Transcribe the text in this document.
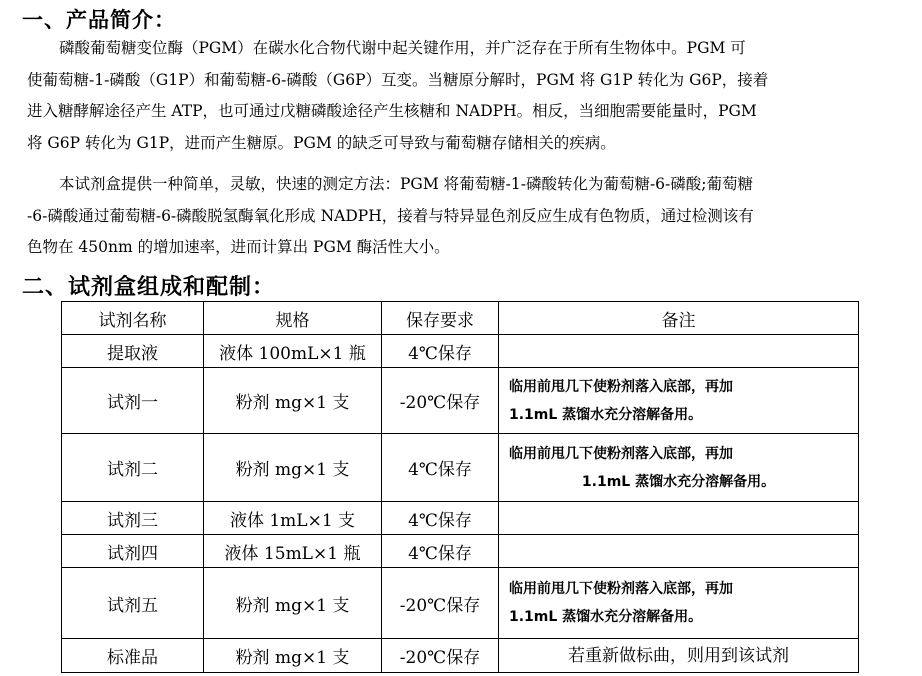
一、产品简介：
磷酸葡萄糖变位酶（PGM）在碳水化合物代谢中起关键作用，并广泛存在于所有生物体中。PGM 可
使葡萄糖-1-磷酸（G1P）和葡萄糖-6-磷酸（G6P）互变。当糖原分解时，PGM 将 G1P 转化为 G6P，接着
进入糖酵解途径产生 ATP，也可通过戊糖磷酸途径产生核糖和 NADPH。相反，当细胞需要能量时，PGM
将 G6P 转化为 G1P，进而产生糖原。PGM 的缺乏可导致与葡萄糖存储相关的疾病。
本试剂盒提供一种简单，灵敏，快速的测定方法：PGM 将葡萄糖-1-磷酸转化为葡萄糖-6-磷酸;葡萄糖
-6-磷酸通过葡萄糖-6-磷酸脱氢酶氧化形成 NADPH，接着与特异显色剂反应生成有色物质，通过检测该有
色物在 450nm 的增加速率，进而计算出 PGM 酶活性大小。
二、试剂盒组成和配制：
试剂名称	规格	保存要求	备注
提取液	液体 100mL×1 瓶	4℃保存	
试剂一	粉剂 mg×1 支	-20℃保存	临用前甩几下使粉剂落入底部，再加
1.1mL 蒸馏水充分溶解备用。

试剂二	粉剂 mg×1 支	4℃保存	临用前甩几下使粉剂落入底部，再加
1.1mL 蒸馏水充分溶解备用。

试剂三	液体 1mL×1 支	4℃保存	
试剂四	液体 15mL×1 瓶	4℃保存	
试剂五	粉剂 mg×1 支	-20℃保存	临用前甩几下使粉剂落入底部，再加
1.1mL 蒸馏水充分溶解备用。

标准品	粉剂 mg×1 支	-20℃保存	若重新做标曲，则用到该试剂
